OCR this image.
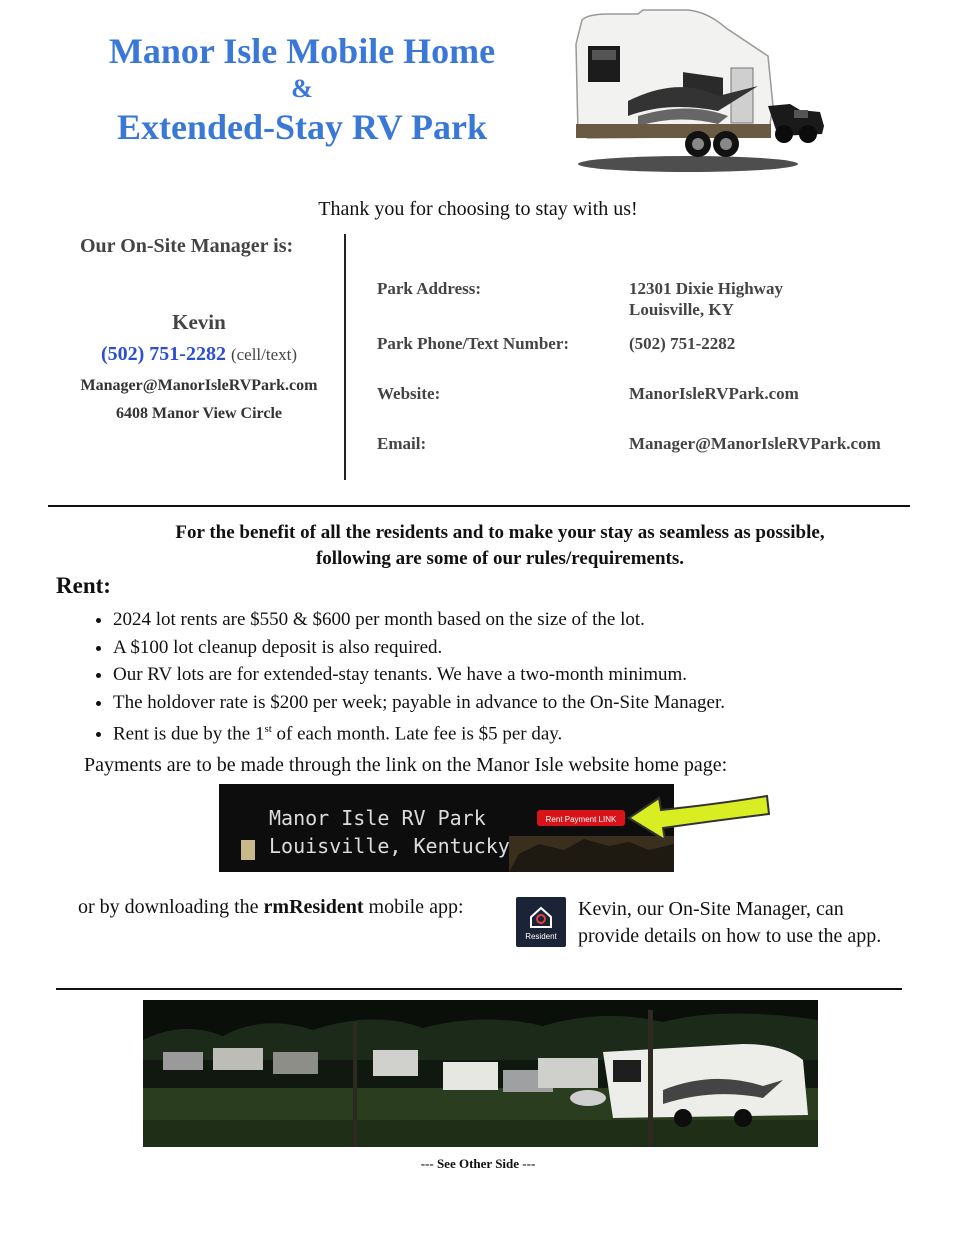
Manor Isle Mobile Home
&
Extended-Stay RV Park
Thank you for choosing to stay with us!
Our On-Site Manager is:
Kevin
(502) 751-2282 (cell/text)
Manager@ManorIsleRVPark.com
6408 Manor View Circle
Park Address:	12301 Dixie Highway
Louisville, KY
Park Phone/Text Number:	(502) 751-2282
Website:	ManorIsleRVPark.com
Email:	Manager@ManorIsleRVPark.com
For the benefit of all the residents and to make your stay as seamless as possible,
following are some of our rules/requirements.
Rent:
• 2024 lot rents are $550 & $600 per month based on the size of the lot.
• A $100 lot cleanup deposit is also required.
• Our RV lots are for extended-stay tenants. We have a two-month minimum.
• The holdover rate is $200 per week; payable in advance to the On-Site Manager.
• Rent is due by the 1st of each month. Late fee is $5 per day.
Payments are to be made through the link on the Manor Isle website home page:
Manor Isle RV Park
Louisville, Kentucky
Rent Payment LINK
or by downloading the rmResident mobile app:
Resident
Kevin, our On-Site Manager, can
provide details on how to use the app.
--- See Other Side ---
